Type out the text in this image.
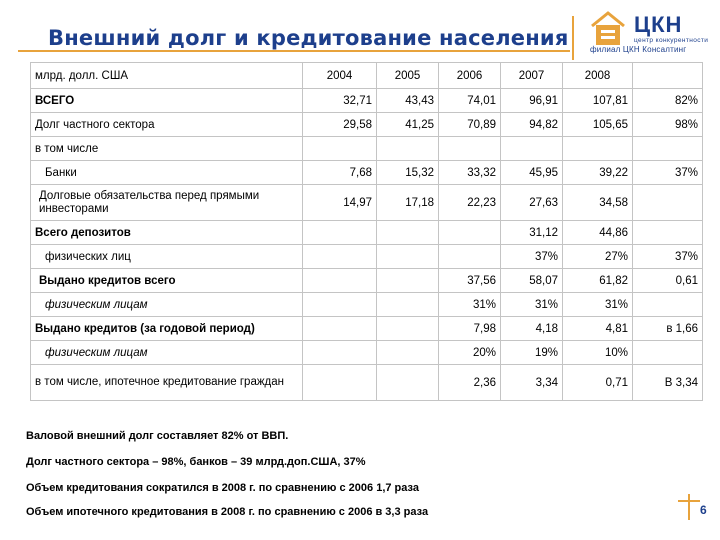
Внешний долг и кредитование населения
ЦКН
центр конкурентности
филиал ЦКН Консалтинг
млрд. долл. США	2004	2005	2006	2007	2008	
ВСЕГО	32,71	43,43	74,01	96,91	107,81	82%
Долг частного сектора	29,58	41,25	70,89	94,82	105,65	98%
в том числе						
Банки	7,68	15,32	33,32	45,95	39,22	37%
Долговые обязательства перед прямыми инвесторами	14,97	17,18	22,23	27,63	34,58	
Всего депозитов				31,12	44,86	
физических лиц				37%	27%	37%
Выдано кредитов всего			37,56	58,07	61,82	0,61
физическим лицам			31%	31%	31%	
Выдано кредитов (за годовой период)			7,98	4,18	4,81	в 1,66
физическим лицам			20%	19%	10%	
в том числе, ипотечное кредитование граждан			2,36	3,34	0,71	В 3,34
Валовой внешний долг составляет 82% от ВВП.
Долг частного сектора – 98%, банков – 39 млрд.доп.США, 37%
Объем кредитования сократился в 2008 г. по сравнению с 2006 1,7 раза
Объем ипотечного кредитования в 2008 г. по сравнению с 2006 в 3,3 раза	6
